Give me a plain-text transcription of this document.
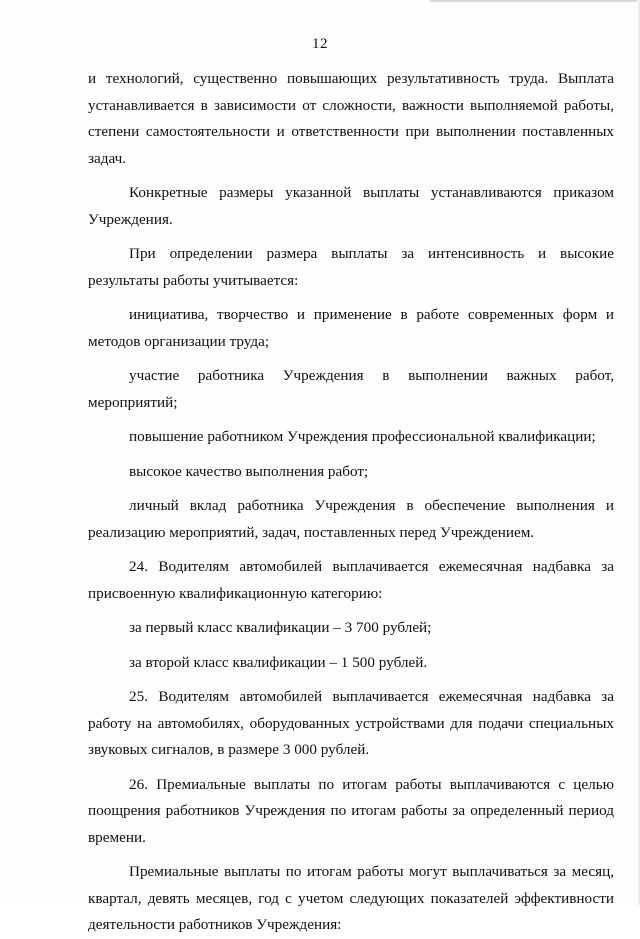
12

и технологий, существенно повышающих результативность труда. Выплата устанавливается в зависимости от сложности, важности выполняемой работы, степени самостоятельности и ответственности при выполнении поставленных задач.

Конкретные размеры указанной выплаты устанавливаются приказом Учреждения.

При определении размера выплаты за интенсивность и высокие результаты работы учитывается:

инициатива, творчество и применение в работе современных форм и методов организации труда;

участие работника Учреждения в выполнении важных работ, мероприятий;

повышение работником Учреждения профессиональной квалификации;

высокое качество выполнения работ;

личный вклад работника Учреждения в обеспечение выполнения и реализацию мероприятий, задач, поставленных перед Учреждением.

24. Водителям автомобилей выплачивается ежемесячная надбавка за присвоенную квалификационную категорию:

за первый класс квалификации – 3 700 рублей;

за второй класс квалификации – 1 500 рублей.

25. Водителям автомобилей выплачивается ежемесячная надбавка за работу на автомобилях, оборудованных устройствами для подачи специальных звуковых сигналов, в размере 3 000 рублей.

26. Премиальные выплаты по итогам работы выплачиваются с целью поощрения работников Учреждения по итогам работы за определенный период времени.

Премиальные выплаты по итогам работы могут выплачиваться за месяц, квартал, девять месяцев, год с учетом следующих показателей эффективности деятельности работников Учреждения:
